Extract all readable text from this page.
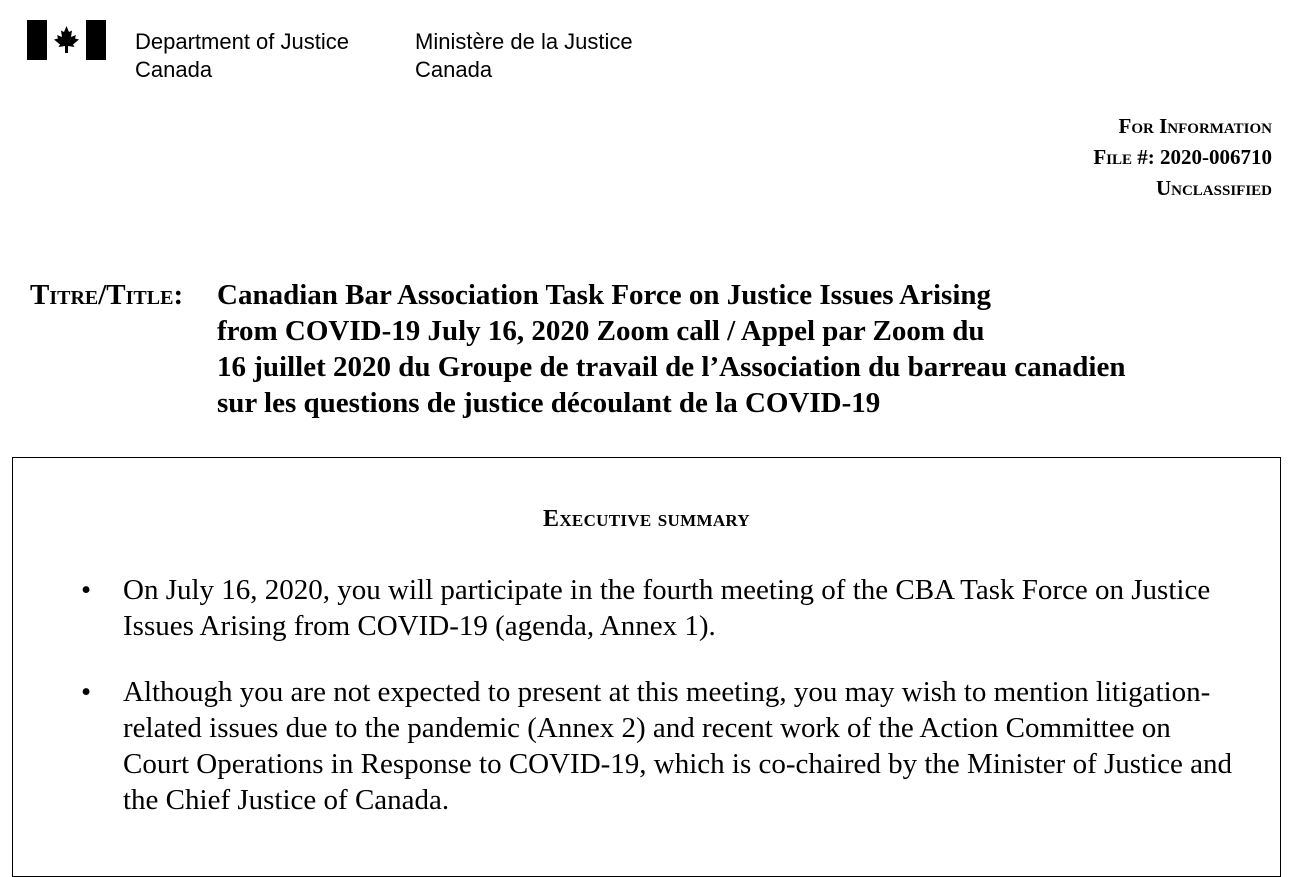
Department of Justice
Canada
Ministère de la Justice
Canada
For Information
File #: 2020-006710
Unclassified
Titre/Title: Canadian Bar Association Task Force on Justice Issues Arising
from COVID-19 July 16, 2020 Zoom call / Appel par Zoom du
16 juillet 2020 du Groupe de travail de l’Association du barreau canadien
sur les questions de justice découlant de la COVID-19
Executive summary
• On July 16, 2020, you will participate in the fourth meeting of the CBA Task Force on Justice Issues Arising from COVID-19 (agenda, Annex 1).
• Although you are not expected to present at this meeting, you may wish to mention litigation-related issues due to the pandemic (Annex 2) and recent work of the Action Committee on Court Operations in Response to COVID-19, which is co-chaired by the Minister of Justice and the Chief Justice of Canada.
